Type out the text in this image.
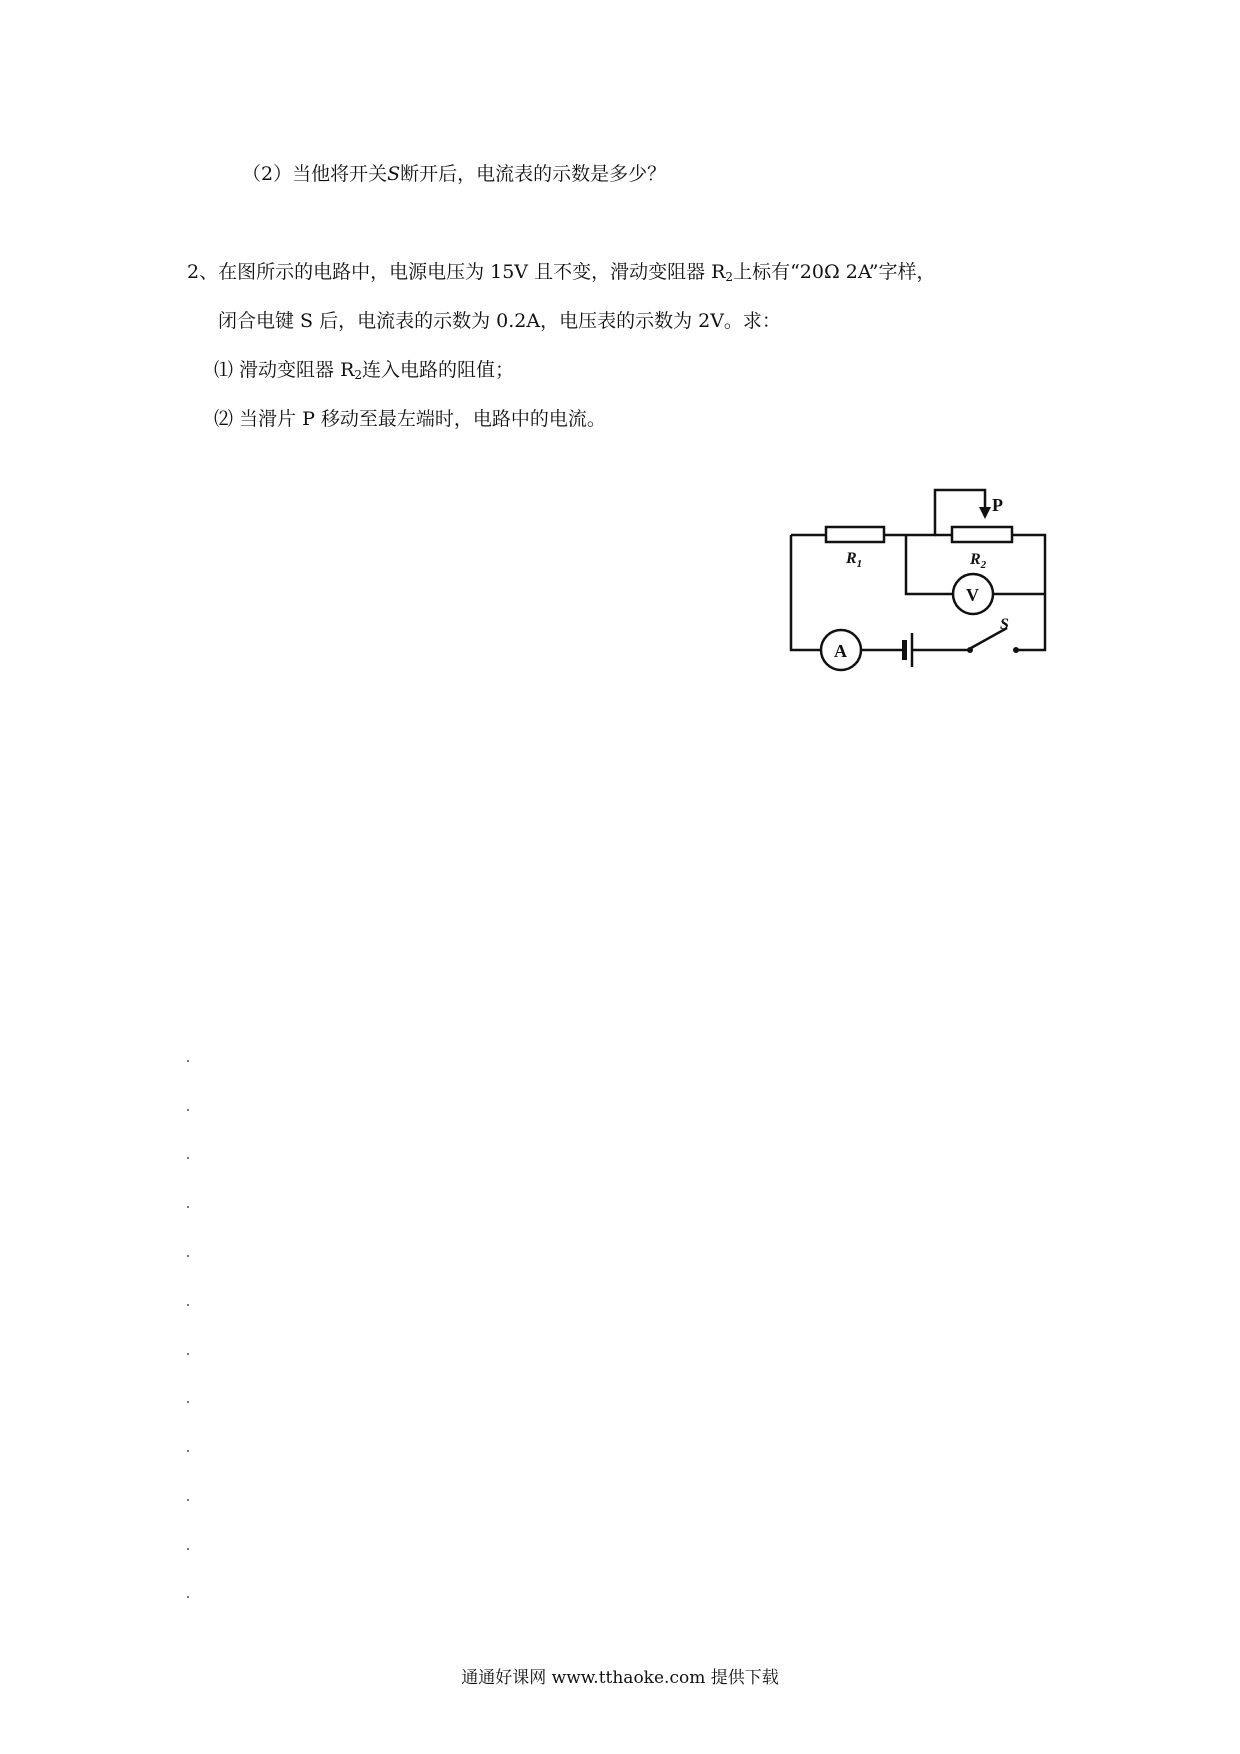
（2）当他将开关S断开后，电流表的示数是多少？
2、在图所示的电路中，电源电压为 15V 且不变，滑动变阻器 $R_2$上标有“20Ω 2A”字样，
闭合电键 S 后，电流表的示数为 0.2A，电压表的示数为 2V。求：
⑴ 滑动变阻器 $R_2$连入电路的阻值；
⑵ 当滑片 P 移动至最左端时，电路中的电流。
P
$R_1$	$R_2$
V
A
S
通通好课网 www.tthaoke.com 提供下载
